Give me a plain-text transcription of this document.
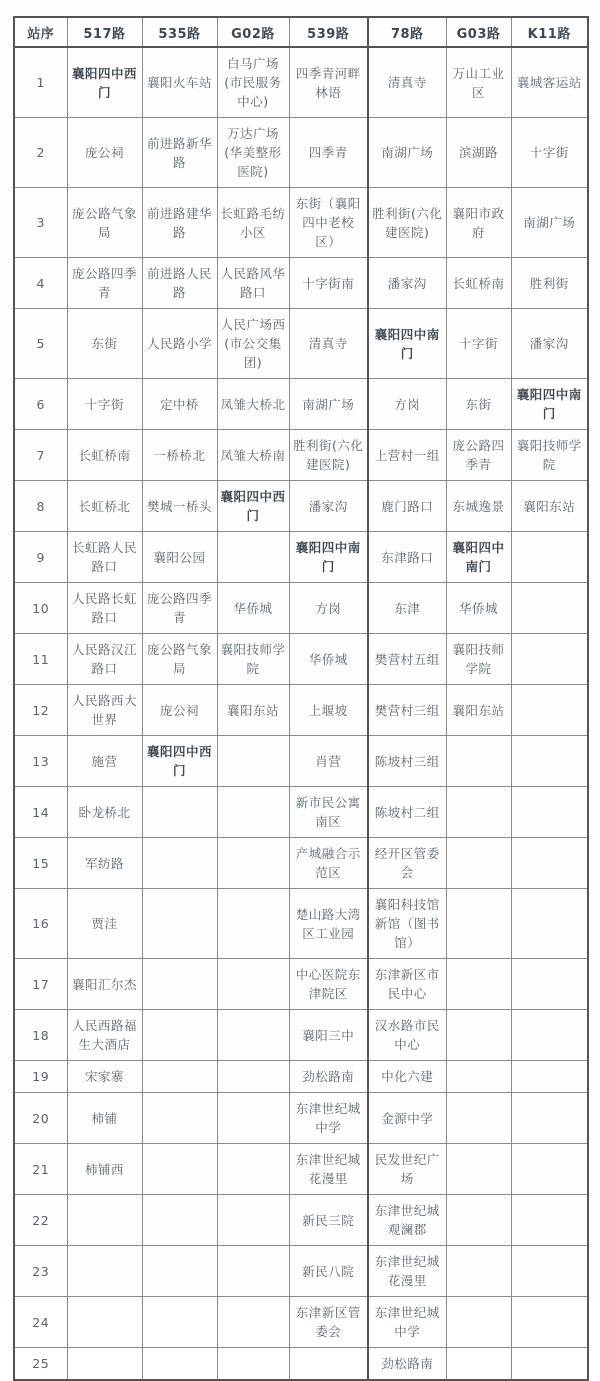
站序	517路	535路	G02路	539路	78路	G03路	K11路
1	襄阳四中西门	襄阳火车站	白马广场(市民服务中心)	四季青河畔林语	清真寺	万山工业区	襄城客运站
2	庞公祠	前进路新华路	万达广场(华美整形医院)	四季青	南湖广场	滨湖路	十字街
3	庞公路气象局	前进路建华路	长虹路毛纺小区	东街（襄阳四中老校区）	胜利街(六化建医院)	襄阳市政府	南湖广场
4	庞公路四季青	前进路人民路	人民路风华路口	十字街南	潘家沟	长虹桥南	胜利街
5	东街	人民路小学	人民广场西(市公交集团)	清真寺	襄阳四中南门	十字街	潘家沟
6	十字街	定中桥	凤雏大桥北	南湖广场	方岗	东街	襄阳四中南门
7	长虹桥南	一桥桥北	凤雏大桥南	胜利街(六化建医院)	上营村一组	庞公路四季青	襄阳技师学院
8	长虹桥北	樊城一桥头	襄阳四中西门	潘家沟	鹿门路口	东城逸景	襄阳东站
9	长虹路人民路口	襄阳公园		襄阳四中南门	东津路口	襄阳四中南门	
10	人民路长虹路口	庞公路四季青	华侨城	方岗	东津	华侨城	
11	人民路汉江路口	庞公路气象局	襄阳技师学院	华侨城	樊营村五组	襄阳技师学院	
12	人民路西大世界	庞公祠	襄阳东站	上堰坡	樊营村三组	襄阳东站	
13	施营	襄阳四中西门		肖营	陈坡村三组		
14	卧龙桥北			新市民公寓南区	陈坡村二组		
15	军纺路			产城融合示范区	经开区管委会		
16	贾洼			楚山路大湾区工业园	襄阳科技馆新馆（图书馆）		
17	襄阳汇尔杰			中心医院东津院区	东津新区市民中心		
18	人民西路福生大酒店			襄阳三中	汉水路市民中心		
19	宋家寨			劲松路南	中化六建		
20	柿铺			东津世纪城中学	金源中学		
21	柿铺西			东津世纪城花漫里	民发世纪广场		
22				新民三院	东津世纪城观澜郡		
23				新民八院	东津世纪城花漫里		
24				东津新区管委会	东津世纪城中学		
25					劲松路南		
